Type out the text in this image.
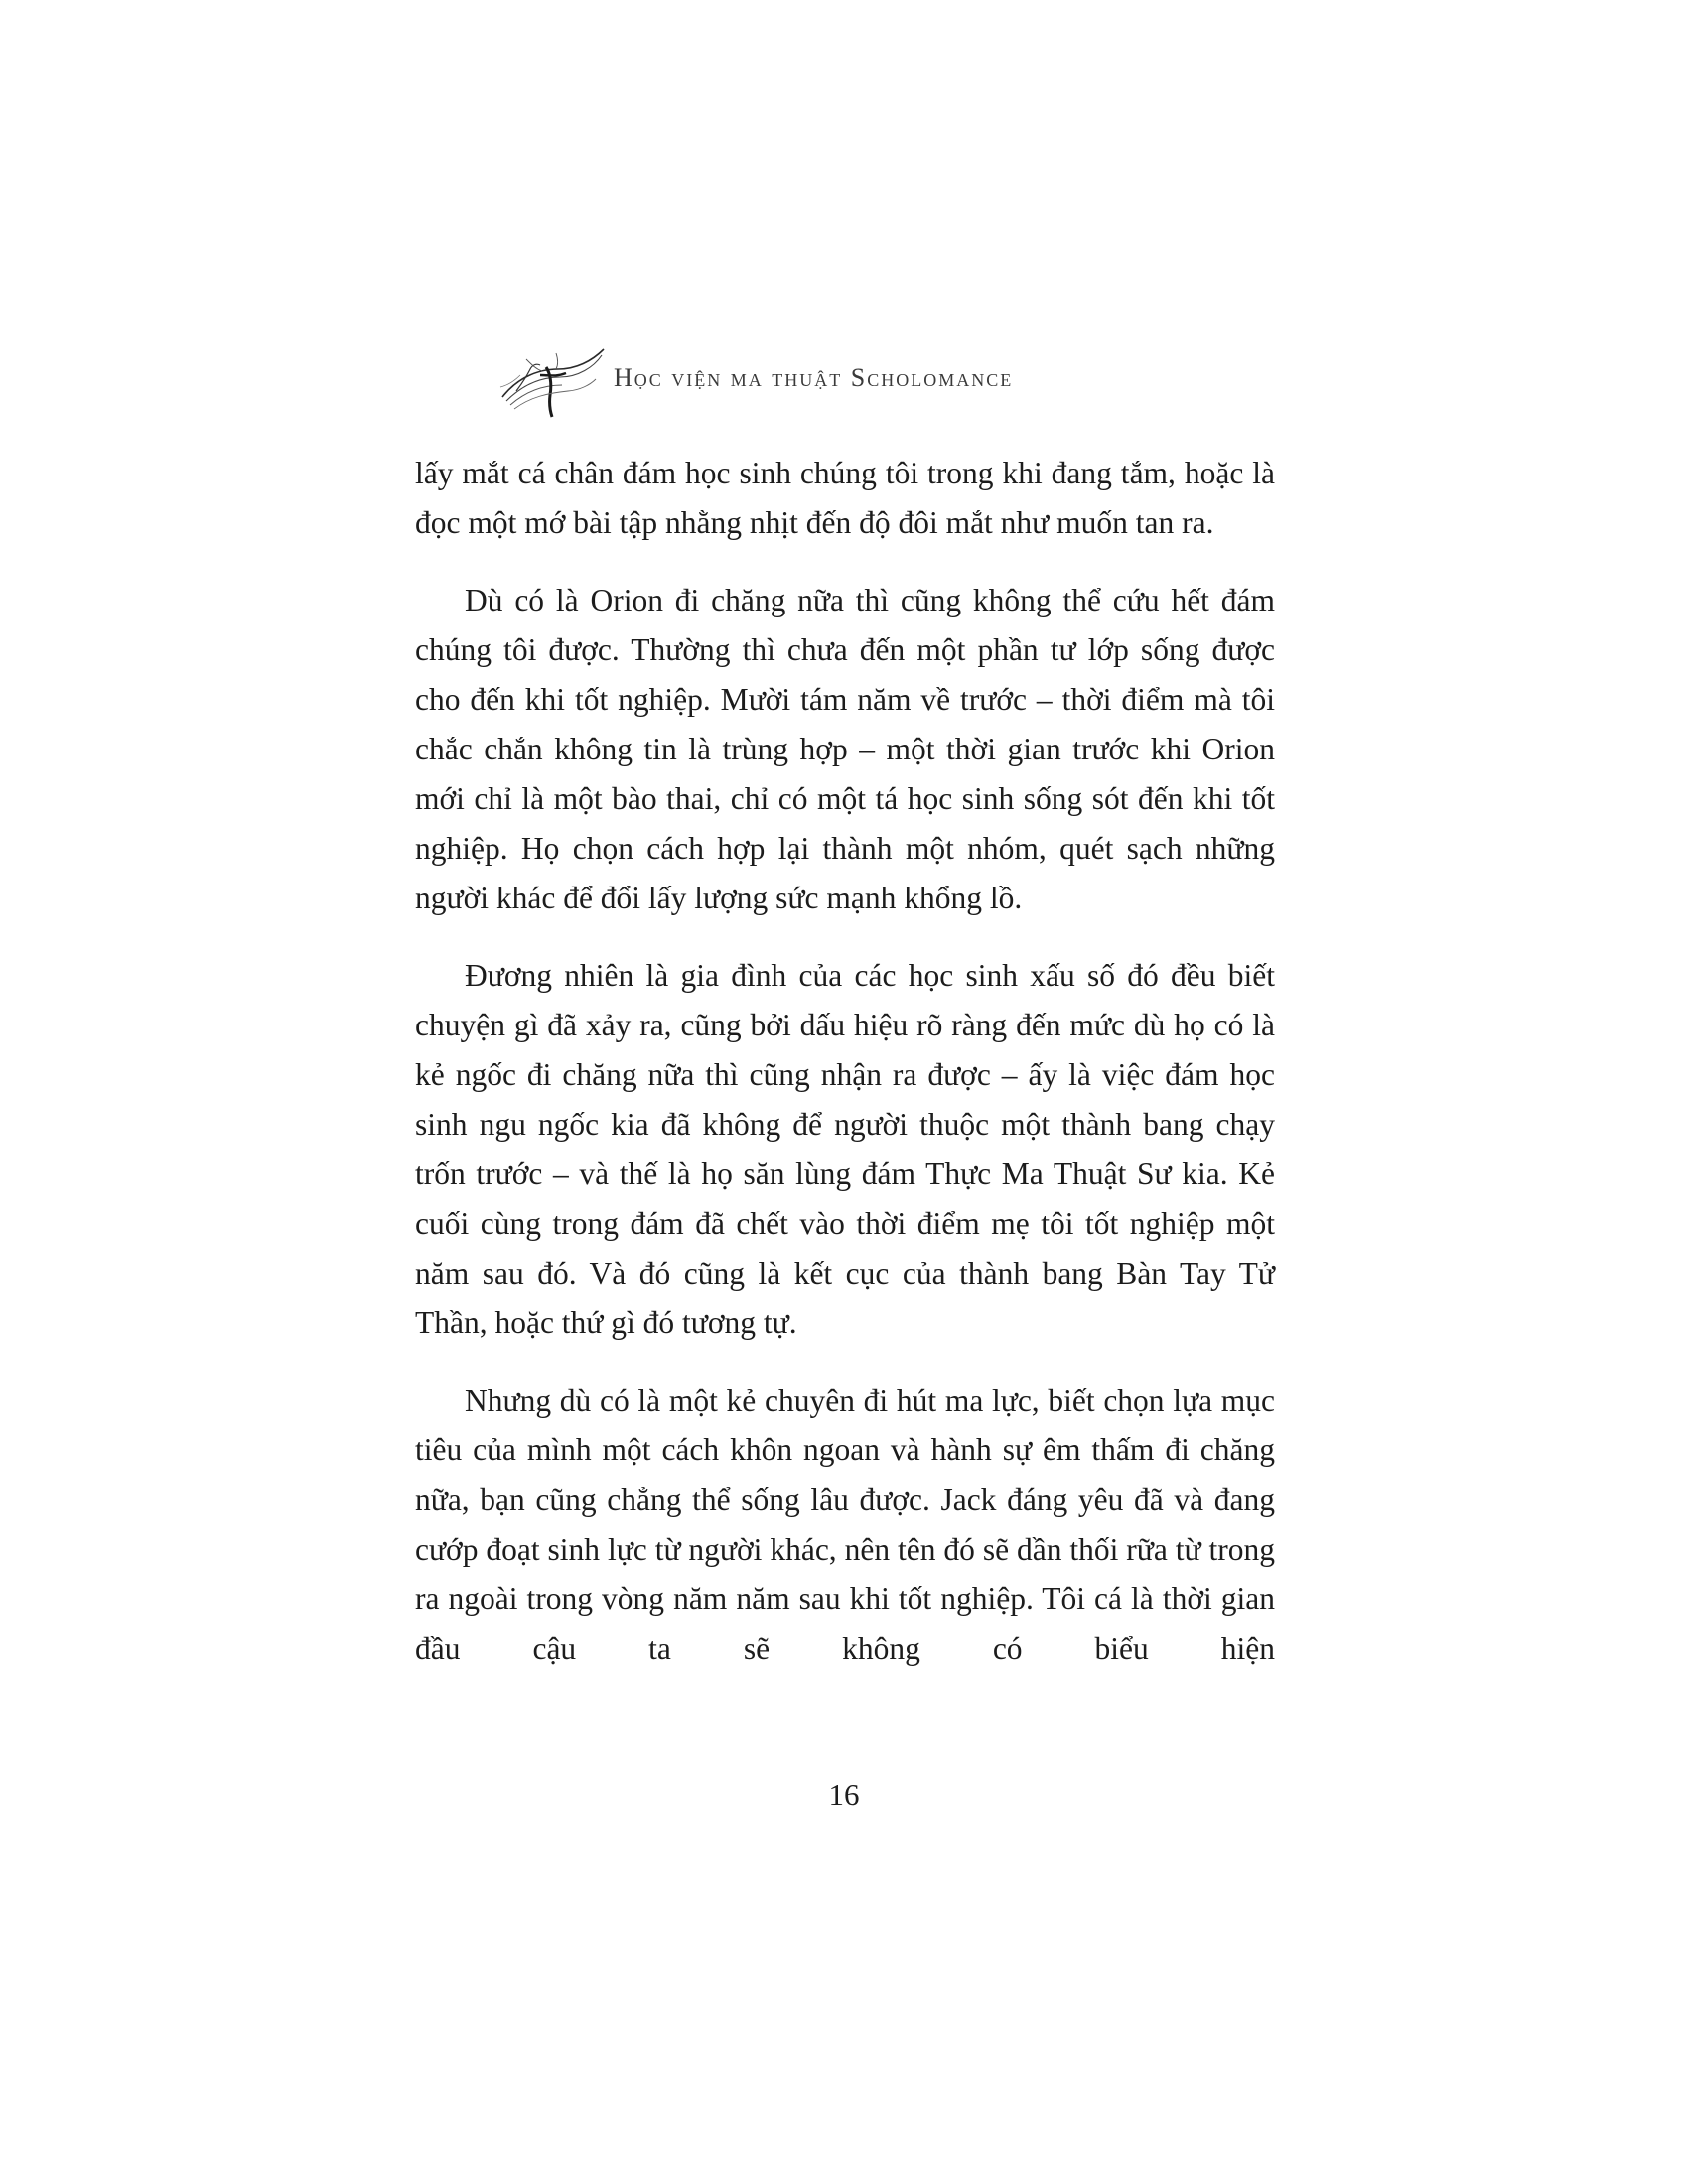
Học viện ma thuật Scholomance

lấy mắt cá chân đám học sinh chúng tôi trong khi đang tắm, hoặc là đọc một mớ bài tập nhằng nhịt đến độ đôi mắt như muốn tan ra.

Dù có là Orion đi chăng nữa thì cũng không thể cứu hết đám chúng tôi được. Thường thì chưa đến một phần tư lớp sống được cho đến khi tốt nghiệp. Mười tám năm về trước – thời điểm mà tôi chắc chắn không tin là trùng hợp – một thời gian trước khi Orion mới chỉ là một bào thai, chỉ có một tá học sinh sống sót đến khi tốt nghiệp. Họ chọn cách hợp lại thành một nhóm, quét sạch những người khác để đổi lấy lượng sức mạnh khổng lồ.

Đương nhiên là gia đình của các học sinh xấu số đó đều biết chuyện gì đã xảy ra, cũng bởi dấu hiệu rõ ràng đến mức dù họ có là kẻ ngốc đi chăng nữa thì cũng nhận ra được – ấy là việc đám học sinh ngu ngốc kia đã không để người thuộc một thành bang chạy trốn trước – và thế là họ săn lùng đám Thực Ma Thuật Sư kia. Kẻ cuối cùng trong đám đã chết vào thời điểm mẹ tôi tốt nghiệp một năm sau đó. Và đó cũng là kết cục của thành bang Bàn Tay Tử Thần, hoặc thứ gì đó tương tự.

Nhưng dù có là một kẻ chuyên đi hút ma lực, biết chọn lựa mục tiêu của mình một cách khôn ngoan và hành sự êm thấm đi chăng nữa, bạn cũng chẳng thể sống lâu được. Jack đáng yêu đã và đang cướp đoạt sinh lực từ người khác, nên tên đó sẽ dần thối rữa từ trong ra ngoài trong vòng năm năm sau khi tốt nghiệp. Tôi cá là thời gian đầu cậu ta sẽ không có biểu hiện

16
